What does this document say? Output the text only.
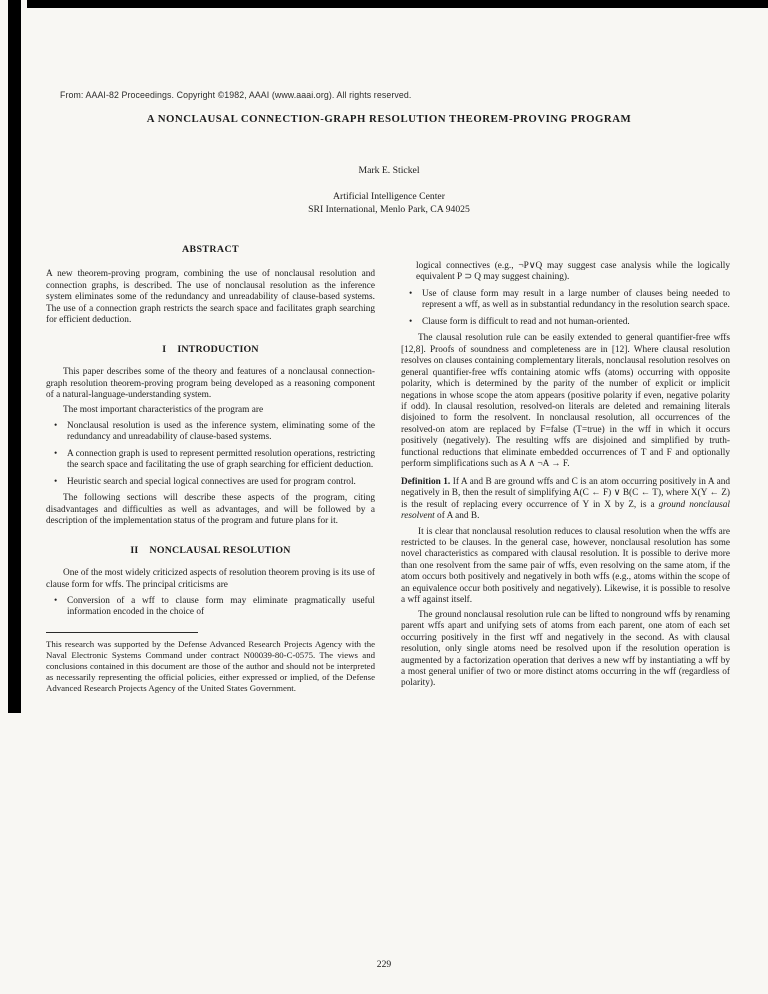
From: AAAI-82 Proceedings. Copyright ©1982, AAAI (www.aaai.org). All rights reserved.
A NONCLAUSAL CONNECTION-GRAPH RESOLUTION THEOREM-PROVING PROGRAM
Mark E. Stickel
Artificial Intelligence Center
SRI International, Menlo Park, CA 94025
ABSTRACT
A new theorem-proving program, combining the use of nonclausal resolution and connection graphs, is described. The use of nonclausal resolution as the inference system eliminates some of the redundancy and unreadability of clause-based systems. The use of a connection graph restricts the search space and facilitates graph searching for efficient deduction.
I INTRODUCTION
This paper describes some of the theory and features of a nonclausal connection-graph resolution theorem-proving program being developed as a reasoning component of a natural-language-understanding system.
The most important characteristics of the program are
•	Nonclausal resolution is used as the inference system, eliminating some of the redundancy and unreadability of clause-based systems.
•	A connection graph is used to represent permitted resolution operations, restricting the search space and facilitating the use of graph searching for efficient deduction.
•	Heuristic search and special logical connectives are used for program control.
The following sections will describe these aspects of the program, citing disadvantages and difficulties as well as advantages, and will be followed by a description of the implementation status of the program and future plans for it.
II NONCLAUSAL RESOLUTION
One of the most widely criticized aspects of resolution theorem proving is its use of clause form for wffs. The principal criticisms are
•	Conversion of a wff to clause form may eliminate pragmatically useful information encoded in the choice of
This research was supported by the Defense Advanced Research Projects Agency with the Naval Electronic Systems Command under contract N00039-80-C-0575. The views and conclusions contained in this document are those of the author and should not be interpreted as necessarily representing the official policies, either expressed or implied, of the Defense Advanced Research Projects Agency of the United States Government.
logical connectives (e.g., ¬P∨Q may suggest case analysis while the logically equivalent P ⊃ Q may suggest chaining).
•	Use of clause form may result in a large number of clauses being needed to represent a wff, as well as in substantial redundancy in the resolution search space.
•	Clause form is difficult to read and not human-oriented.
The clausal resolution rule can be easily extended to general quantifier-free wffs [12,8]. Proofs of soundness and completeness are in [12]. Where clausal resolution resolves on clauses containing complementary literals, nonclausal resolution resolves on general quantifier-free wffs containing atomic wffs (atoms) occurring with opposite polarity, which is determined by the parity of the number of explicit or implicit negations in whose scope the atom appears (positive polarity if even, negative polarity if odd). In clausal resolution, resolved-on literals are deleted and remaining literals disjoined to form the resolvent. In nonclausal resolution, all occurrences of the resolved-on atom are replaced by F=false (T=true) in the wff in which it occurs positively (negatively). The resulting wffs are disjoined and simplified by truth-functional reductions that eliminate embedded occurrences of T and F and optionally perform simplifications such as A ∧ ¬A → F.
Definition 1. If A and B are ground wffs and C is an atom occurring positively in A and negatively in B, then the result of simplifying A(C ← F) ∨ B(C ← T), where X(Y ← Z) is the result of replacing every occurrence of Y in X by Z, is a ground nonclausal resolvent of A and B.
It is clear that nonclausal resolution reduces to clausal resolution when the wffs are restricted to be clauses. In the general case, however, nonclausal resolution has some novel characteristics as compared with clausal resolution. It is possible to derive more than one resolvent from the same pair of wffs, even resolving on the same atom, if the atom occurs both positively and negatively in both wffs (e.g., atoms within the scope of an equivalence occur both positively and negatively). Likewise, it is possible to resolve a wff against itself.
The ground nonclausal resolution rule can be lifted to nonground wffs by renaming parent wffs apart and unifying sets of atoms from each parent, one atom of each set occurring positively in the first wff and negatively in the second. As with clausal resolution, only single atoms need be resolved upon if the resolution operation is augmented by a factorization operation that derives a new wff by instantiating a wff by a most general unifier of two or more distinct atoms occurring in the wff (regardless of polarity).
229
